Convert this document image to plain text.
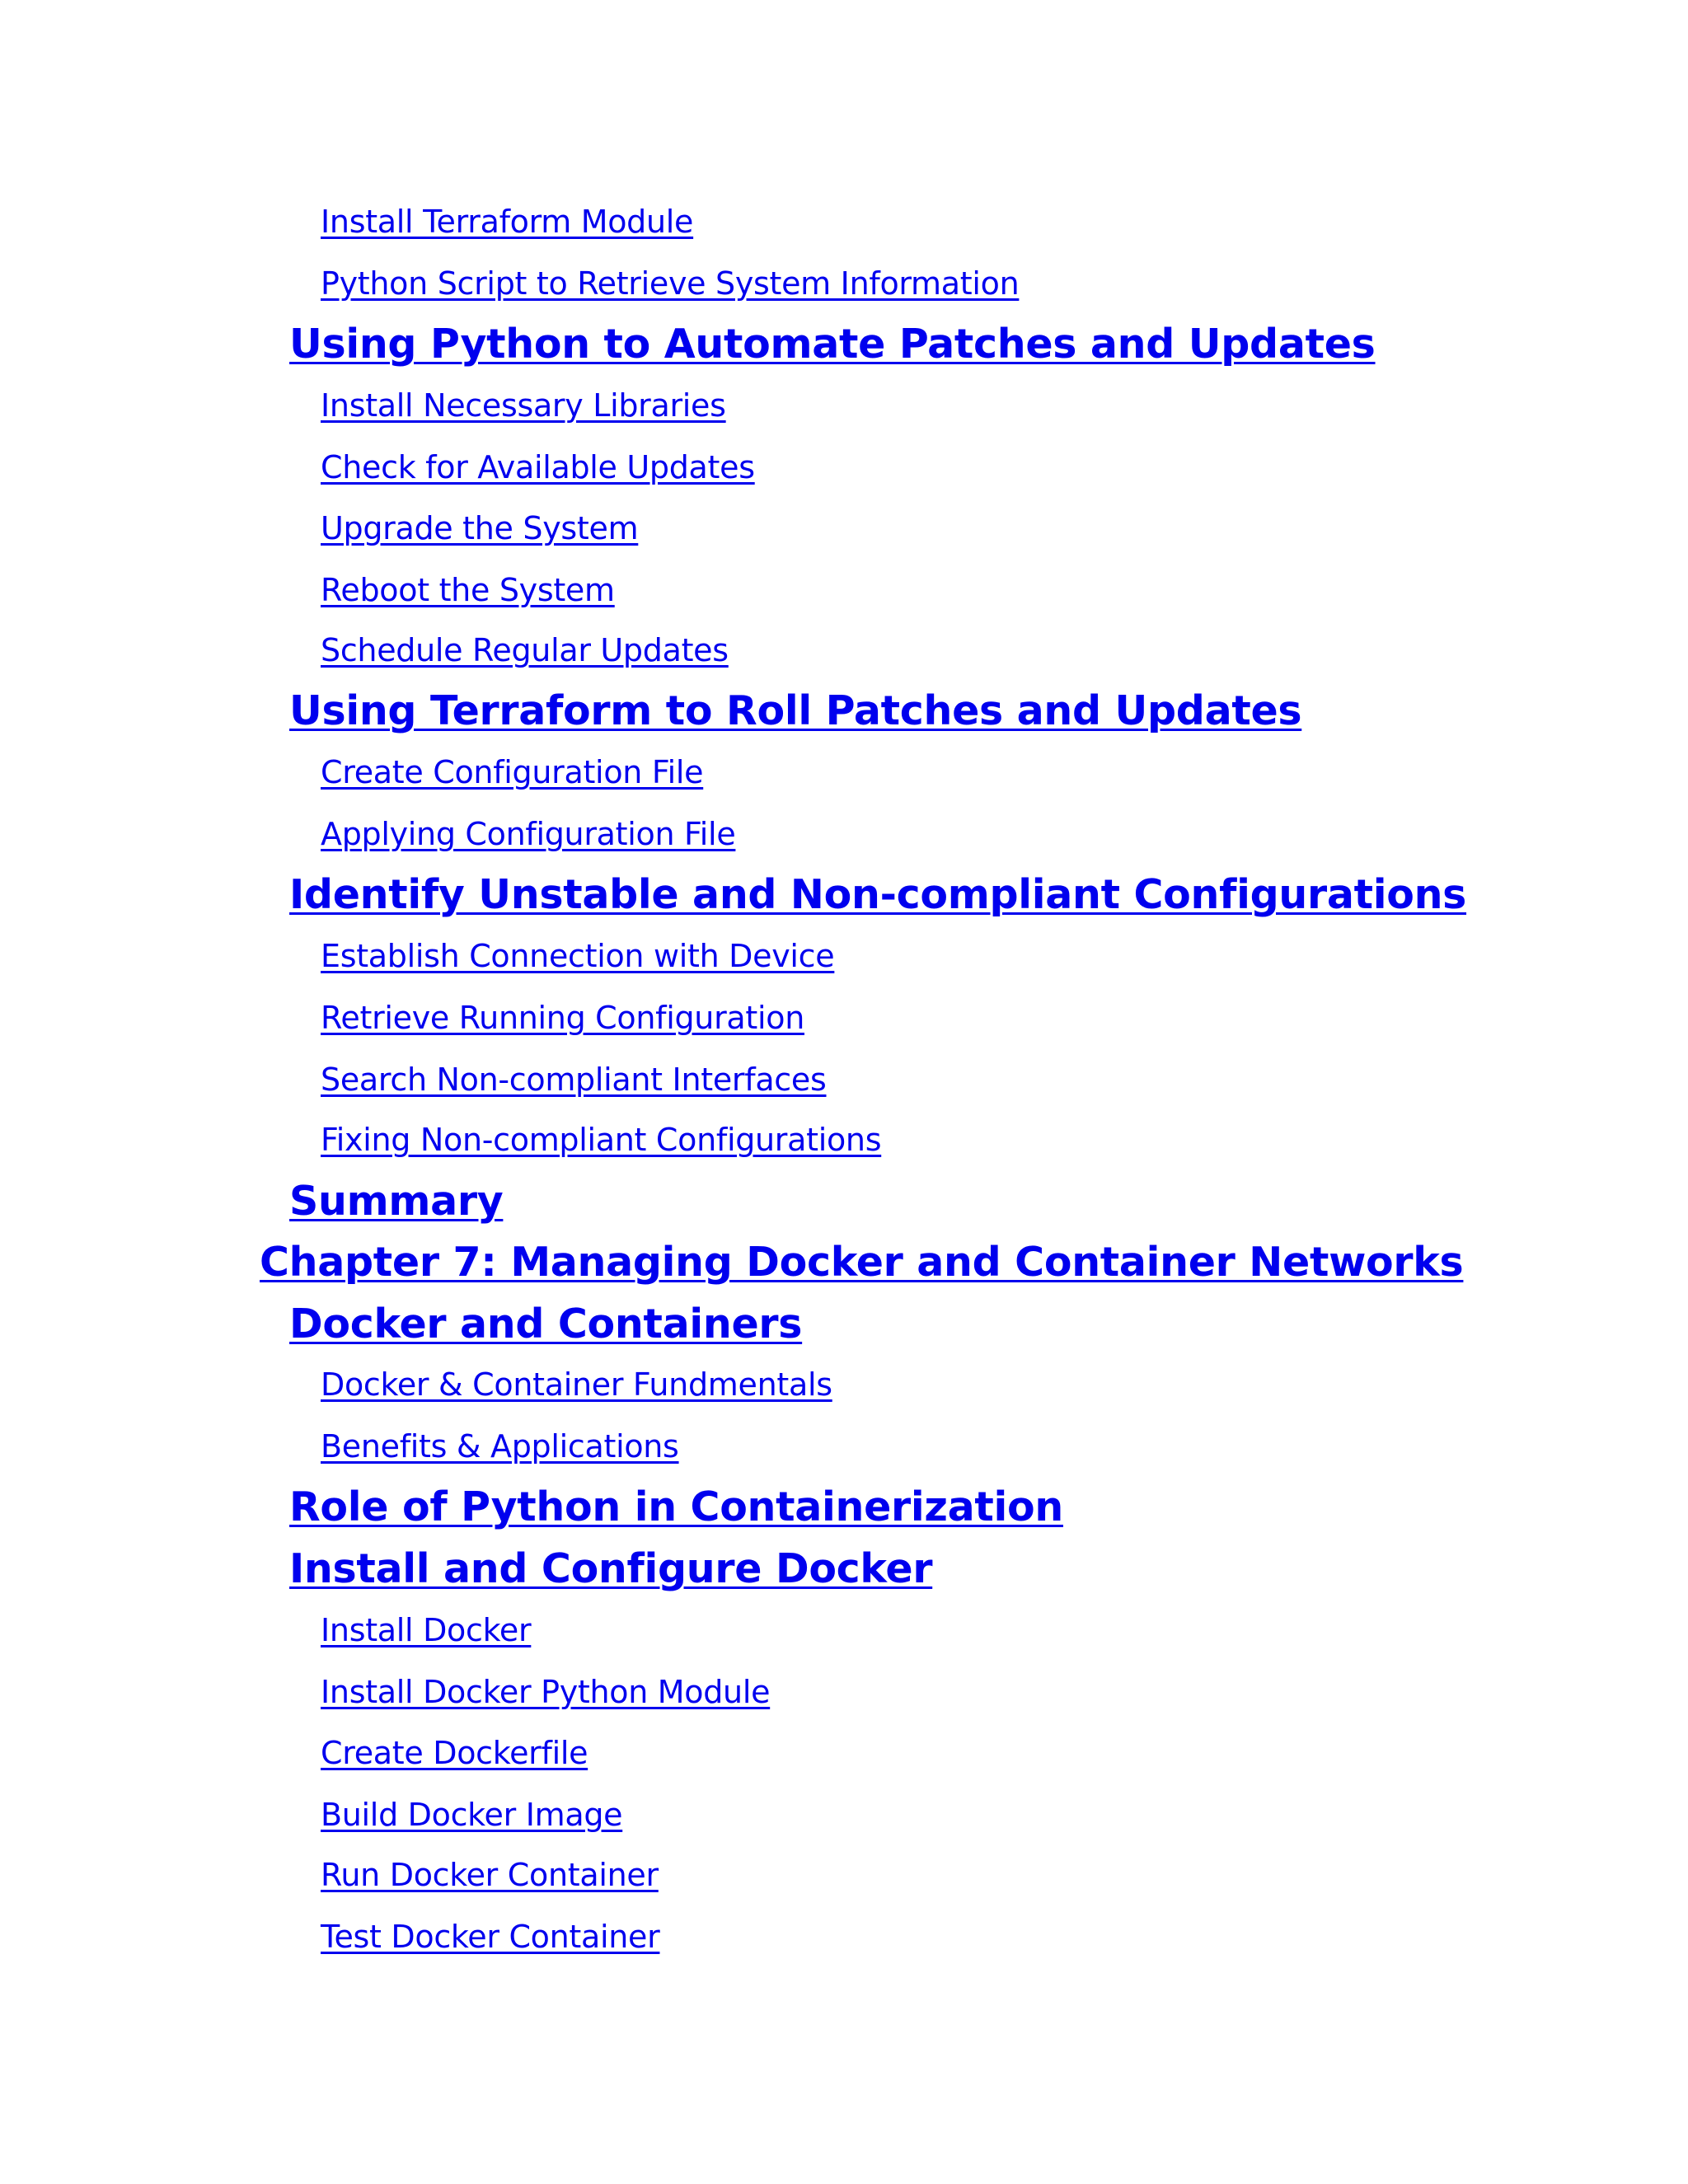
Install Terraform Module
Python Script to Retrieve System Information
Using Python to Automate Patches and Updates
Install Necessary Libraries
Check for Available Updates
Upgrade the System
Reboot the System
Schedule Regular Updates
Using Terraform to Roll Patches and Updates
Create Configuration File
Applying Configuration File
Identify Unstable and Non-compliant Configurations
Establish Connection with Device
Retrieve Running Configuration
Search Non-compliant Interfaces
Fixing Non-compliant Configurations
Summary
Chapter 7: Managing Docker and Container Networks
Docker and Containers
Docker & Container Fundmentals
Benefits & Applications
Role of Python in Containerization
Install and Configure Docker
Install Docker
Install Docker Python Module
Create Dockerfile
Build Docker Image
Run Docker Container
Test Docker Container
